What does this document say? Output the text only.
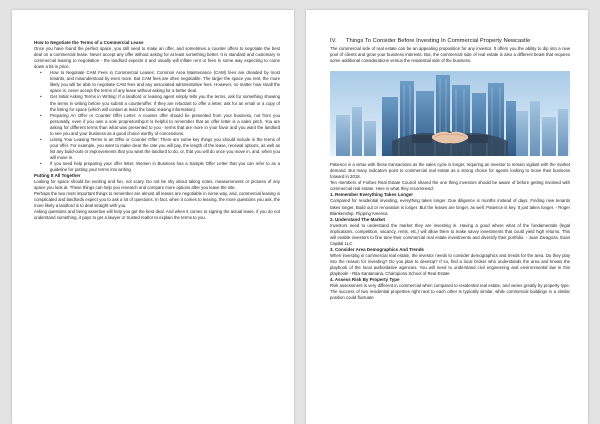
How to Negotiate the Terms of a Commercial Lease

Once you have found the perfect space, you still need to make an offer, and sometimes a counter offers to negotiate the best deal on a commercial lease. Never accept any offer without asking for at least something better. It is standard and customary in commercial leasing to negotiation - the landlord expects it and usually will inflate rent or fees in some way expecting to come down a bit in price.

• How to Negotiate CAM Fees in Commercial Leases: Common Area Maintenance (CAM) fees are dreaded by most tenants, and misunderstood by even more. But CAM fees are often negotiable. The larger the space you rent, the more likely you will be able to negotiate CAM fees and any associated administrative fees. However, no matter how small the space is, never accept the terms of any lease without asking for a better deal.
• Get Initial Asking Terms in Writing: If a landlord or leasing agent simply tells you the terms, ask for something showing the terms in writing before you submit a counteroffer. If they are reluctant to offer a letter, ask for an email or a copy of the listing for space (which will contain at least the basic leasing information).
• Preparing An Offer or Counter Offer Letter: A counter offer should be presented from your business, not from you personally, even if you own a sole proprietorship.It is helpful to remember that an offer letter is a sales pitch. You are asking for different terms than what was presented to you - terms that are more in your favor and you want the landlord to see you and your business as a good choice worthy of concessions.
• Listing Your Leasing Terms in an Offer or Counter Offer: There are some key things you should include in the terms of your offer. For example, you want to make clear the rate you will pay, the length of the lease, renewal options, as well as list any build-outs or improvements that you want the landlord to do, or, that you will do once you move in, and, when you will move in.
• If you need help preparing your offer letter, Women in Business has a Sample Offer Letter that you can refer to as a guideline for putting your terms into writing.
Putting It All Together

Looking for space should be exciting and fun, not scary. Do not be shy about taking notes, measurements or pictures of any space you look at. These things can help you research and compare more options after you leave the site.

Perhaps the two most important things to remember are almost all leases are negotiable in some way, and, commercial leasing is complicated and landlords expect you to ask a lot of questions. In fact, when it comes to leasing, the more questions you ask, the more likely a landlord is to deal straight with you.

Asking questions and being assertive will help you get the best deal. And when it comes to signing the actual lease, if you do not understand something, it pays to get a lawyer or trusted realtor to explain the terms to you.

IV. Things To Consider Before Investing In Commercial Property Newcastle

The commercial side of real estate can be an appealing proposition for any investor. It offers you the ability to dip into a new pool of clients and grow your business interests. But, the commercial side of real estate is also a different beast that requires some additional considerations versus the residential side of the business.

Patience is a virtue with these transactions as the sales cycle is longer, requiring an investor to remain vigilant with the market demand. But many indicators point to commercial real estate as a strong choice for agents looking to move their business forward in 2018.

Ten members of Forbes Real Estate Council shared the one thing investors should be aware of before getting involved with commercial real estate. Here is what they recommend:

1. Remember Everything Takes Longer

Compared for residential investing, everything takes longer. Due diligence is months instead of days. Finding new tenants takes longer. Build out or renovation is longer. But the leases are longer, as well. Patience is key. It just takes longer. - Roger Blankenship, Flipping America

2. Understand The Market

Investors need to understand the market they are investing in. Having a good where what of the fundamentals (legal implications, competition, vacancy, rents, etc.) will allow them to make savvy investments that could yield high returns. This will enable investors to fine tune their commercial real estate investments and diversify their portfolio. - Juan Zaragoza, Exan Capital LLC

3. Consider Area Demographics And Trends

When investing in commercial real estate, the investor needs to consider demographics and trends for the area. Do they play into the reason for investing? Do you plan to develop? If so, find a local broker who understands the area and knows the playbook of the local authoritative agencies. You will need to understand civil engineering and environmental law in this playbook! - Rita Santamaria, Champions School of Real Estate

4. Assess Risk By Property Type

Risk assessment is very different in commercial when compared to residential real estate, and varies greatly by property type. The success of two residential properties right next to each other is typically similar, while commercial buildings in a similar position could fluctuate
